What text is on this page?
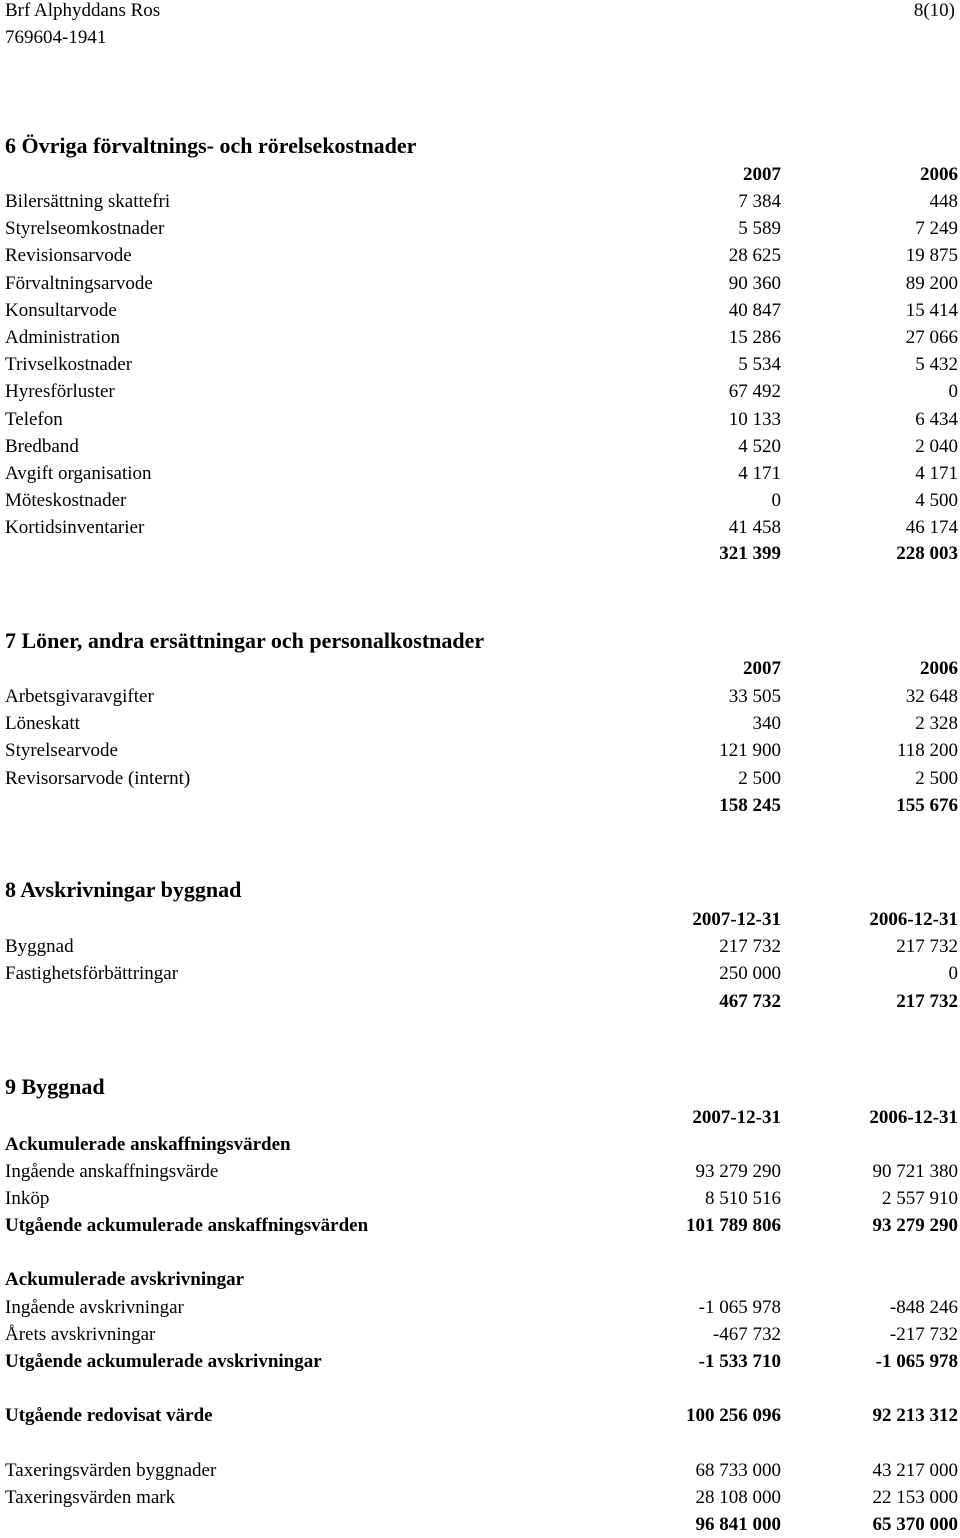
Brf Alphyddans Ros	8(10)
769604-1941
6 Övriga förvaltnings- och rörelsekostnader
2007	2006
Bilersättning skattefri	7 384	448
Styrelseomkostnader	5 589	7 249
Revisionsarvode	28 625	19 875
Förvaltningsarvode	90 360	89 200
Konsultarvode	40 847	15 414
Administration	15 286	27 066
Trivselkostnader	5 534	5 432
Hyresförluster	67 492	0
Telefon	10 133	6 434
Bredband	4 520	2 040
Avgift organisation	4 171	4 171
Möteskostnader	0	4 500
Kortidsinventarier	41 458	46 174
321 399	228 003
7 Löner, andra ersättningar och personalkostnader
2007	2006
Arbetsgivaravgifter	33 505	32 648
Löneskatt	340	2 328
Styrelsearvode	121 900	118 200
Revisorsarvode (internt)	2 500	2 500
158 245	155 676
8 Avskrivningar byggnad
2007-12-31	2006-12-31
Byggnad	217 732	217 732
Fastighetsförbättringar	250 000	0
467 732	217 732
9 Byggnad
2007-12-31	2006-12-31
Ackumulerade anskaffningsvärden
Ingående anskaffningsvärde	93 279 290	90 721 380
Inköp	8 510 516	2 557 910
Utgående ackumulerade anskaffningsvärden	101 789 806	93 279 290
Ackumulerade avskrivningar
Ingående avskrivningar	-1 065 978	-848 246
Årets avskrivningar	-467 732	-217 732
Utgående ackumulerade avskrivningar	-1 533 710	-1 065 978
Utgående redovisat värde	100 256 096	92 213 312
Taxeringsvärden byggnader	68 733 000	43 217 000
Taxeringsvärden mark	28 108 000	22 153 000
96 841 000	65 370 000
